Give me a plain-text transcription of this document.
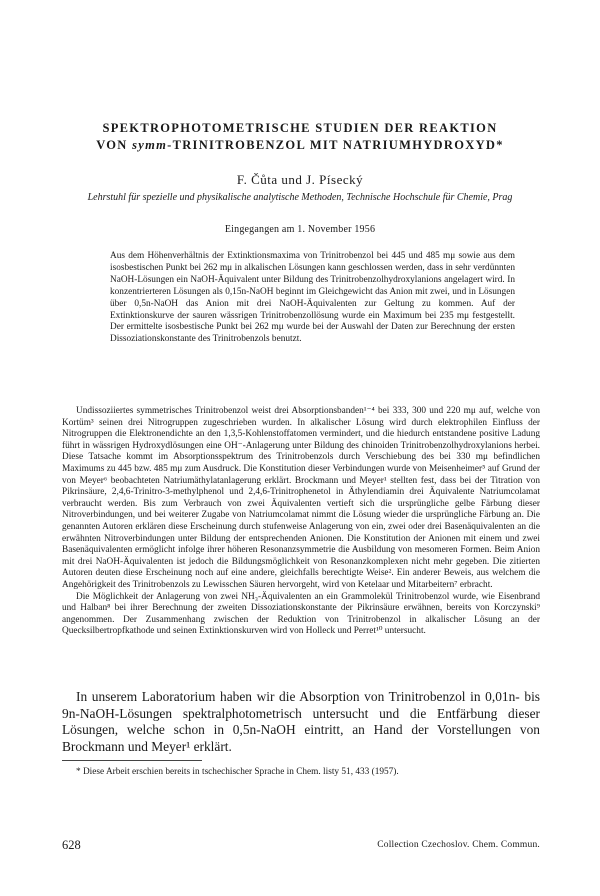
SPEKTROPHOTOMETRISCHE STUDIEN DER REAKTION
VON symm-TRINITROBENZOL MIT NATRIUMHYDROXYD*
F. Čůta und J. Písecký
Lehrstuhl für spezielle und physikalische analytische Methoden, Technische Hochschule für Chemie, Prag
Eingegangen am 1. November 1956
Aus dem Höhenverhältnis der Extinktionsmaxima von Trinitrobenzol bei 445 und 485 mμ sowie aus dem isosbestischen Punkt bei 262 mμ in alkalischen Lösungen kann geschlossen werden, dass in sehr verdünnten NaOH-Lösungen ein NaOH-Äquivalent unter Bildung des Trinitrobenzolhydroxylanions angelagert wird. In konzentrierteren Lösungen als 0,15n-NaOH beginnt im Gleichgewicht das Anion mit zwei, und in Lösungen über 0,5n-NaOH das Anion mit drei NaOH-Äquivalenten zur Geltung zu kommen. Auf der Extinktionskurve der sauren wässrigen Trinitrobenzollösung wurde ein Maximum bei 235 mμ festgestellt. Der ermittelte isosbestische Punkt bei 262 mμ wurde bei der Auswahl der Daten zur Berechnung der ersten Dissoziationskonstante des Trinitrobenzols benutzt.

Undissoziiertes symmetrisches Trinitrobenzol weist drei Absorptionsbanden¹⁻⁴ bei 333, 300 und 220 mμ auf, welche von Kortüm³ seinen drei Nitrogruppen zugeschrieben wurden. In alkalischer Lösung wird durch elektrophilen Einfluss der Nitrogruppen die Elektronendichte an den 1,3,5-Kohlenstoffatomen vermindert, und die hiedurch entstandene positive Ladung führt in wässrigen Hydroxydlösungen eine OH⁻-Anlagerung unter Bildung des chinoiden Trinitrobenzolhydroxylanions herbei. Diese Tatsache kommt im Absorptionsspektrum des Trinitrobenzols durch Verschiebung des bei 330 mμ befindlichen Maximums zu 445 bzw. 485 mμ zum Ausdruck. Die Konstitution dieser Verbindungen wurde von Meisenheimer⁵ auf Grund der von Meyer⁶ beobachteten Natriumäthylatanlagerung erklärt. Brockmann und Meyer¹ stellten fest, dass bei der Titration von Pikrinsäure, 2,4,6-Trinitro-3-methylphenol und 2,4,6-Trinitrophenetol in Äthylendiamin drei Äquivalente Natriumcolamat verbraucht werden. Bis zum Verbrauch von zwei Äquivalenten vertieft sich die ursprüngliche gelbe Färbung dieser Nitroverbindungen, und bei weiterer Zugabe von Natriumcolamat nimmt die Lösung wieder die ursprüngliche Färbung an. Die genannten Autoren erklären diese Erscheinung durch stufenweise Anlagerung von ein, zwei oder drei Basenäquivalenten an die erwähnten Nitroverbindungen unter Bildung der entsprechenden Anionen. Die Konstitution der Anionen mit einem und zwei Basenäquivalenten ermöglicht infolge ihrer höheren Resonanzsymmetrie die Ausbildung von mesomeren Formen. Beim Anion mit drei NaOH-Äquivalenten ist jedoch die Bildungsmöglichkeit von Resonanzkomplexen nicht mehr gegeben. Die zitierten Autoren deuten diese Erscheinung noch auf eine andere, gleichfalls berechtigte Weise². Ein anderer Beweis, aus welchem die Angehörigkeit des Trinitrobenzols zu Lewisschen Säuren hervorgeht, wird von Ketelaar und Mitarbeitern⁷ erbracht.

Die Möglichkeit der Anlagerung von zwei NH₃-Äquivalenten an ein Grammolekül Trinitrobenzol wurde, wie Eisenbrand und Halban⁸ bei ihrer Berechnung der zweiten Dissoziationskonstante der Pikrinsäure erwähnen, bereits von Korczynski⁹ angenommen. Der Zusammenhang zwischen der Reduktion von Trinitrobenzol in alkalischer Lösung an der Quecksilbertropfkathode und seinen Extinktionskurven wird von Holleck und Perret¹⁰ untersucht.

In unserem Laboratorium haben wir die Absorption von Trinitrobenzol in 0,01n- bis 9n-NaOH-Lösungen spektralphotometrisch untersucht und die Entfärbung dieser Lösungen, welche schon in 0,5n-NaOH eintritt, an Hand der Vorstellungen von Brockmann und Meyer¹ erklärt.

* Diese Arbeit erschien bereits in tschechischer Sprache in Chem. listy 51, 433 (1957).
628	Collection Czechoslov. Chem. Commun.
